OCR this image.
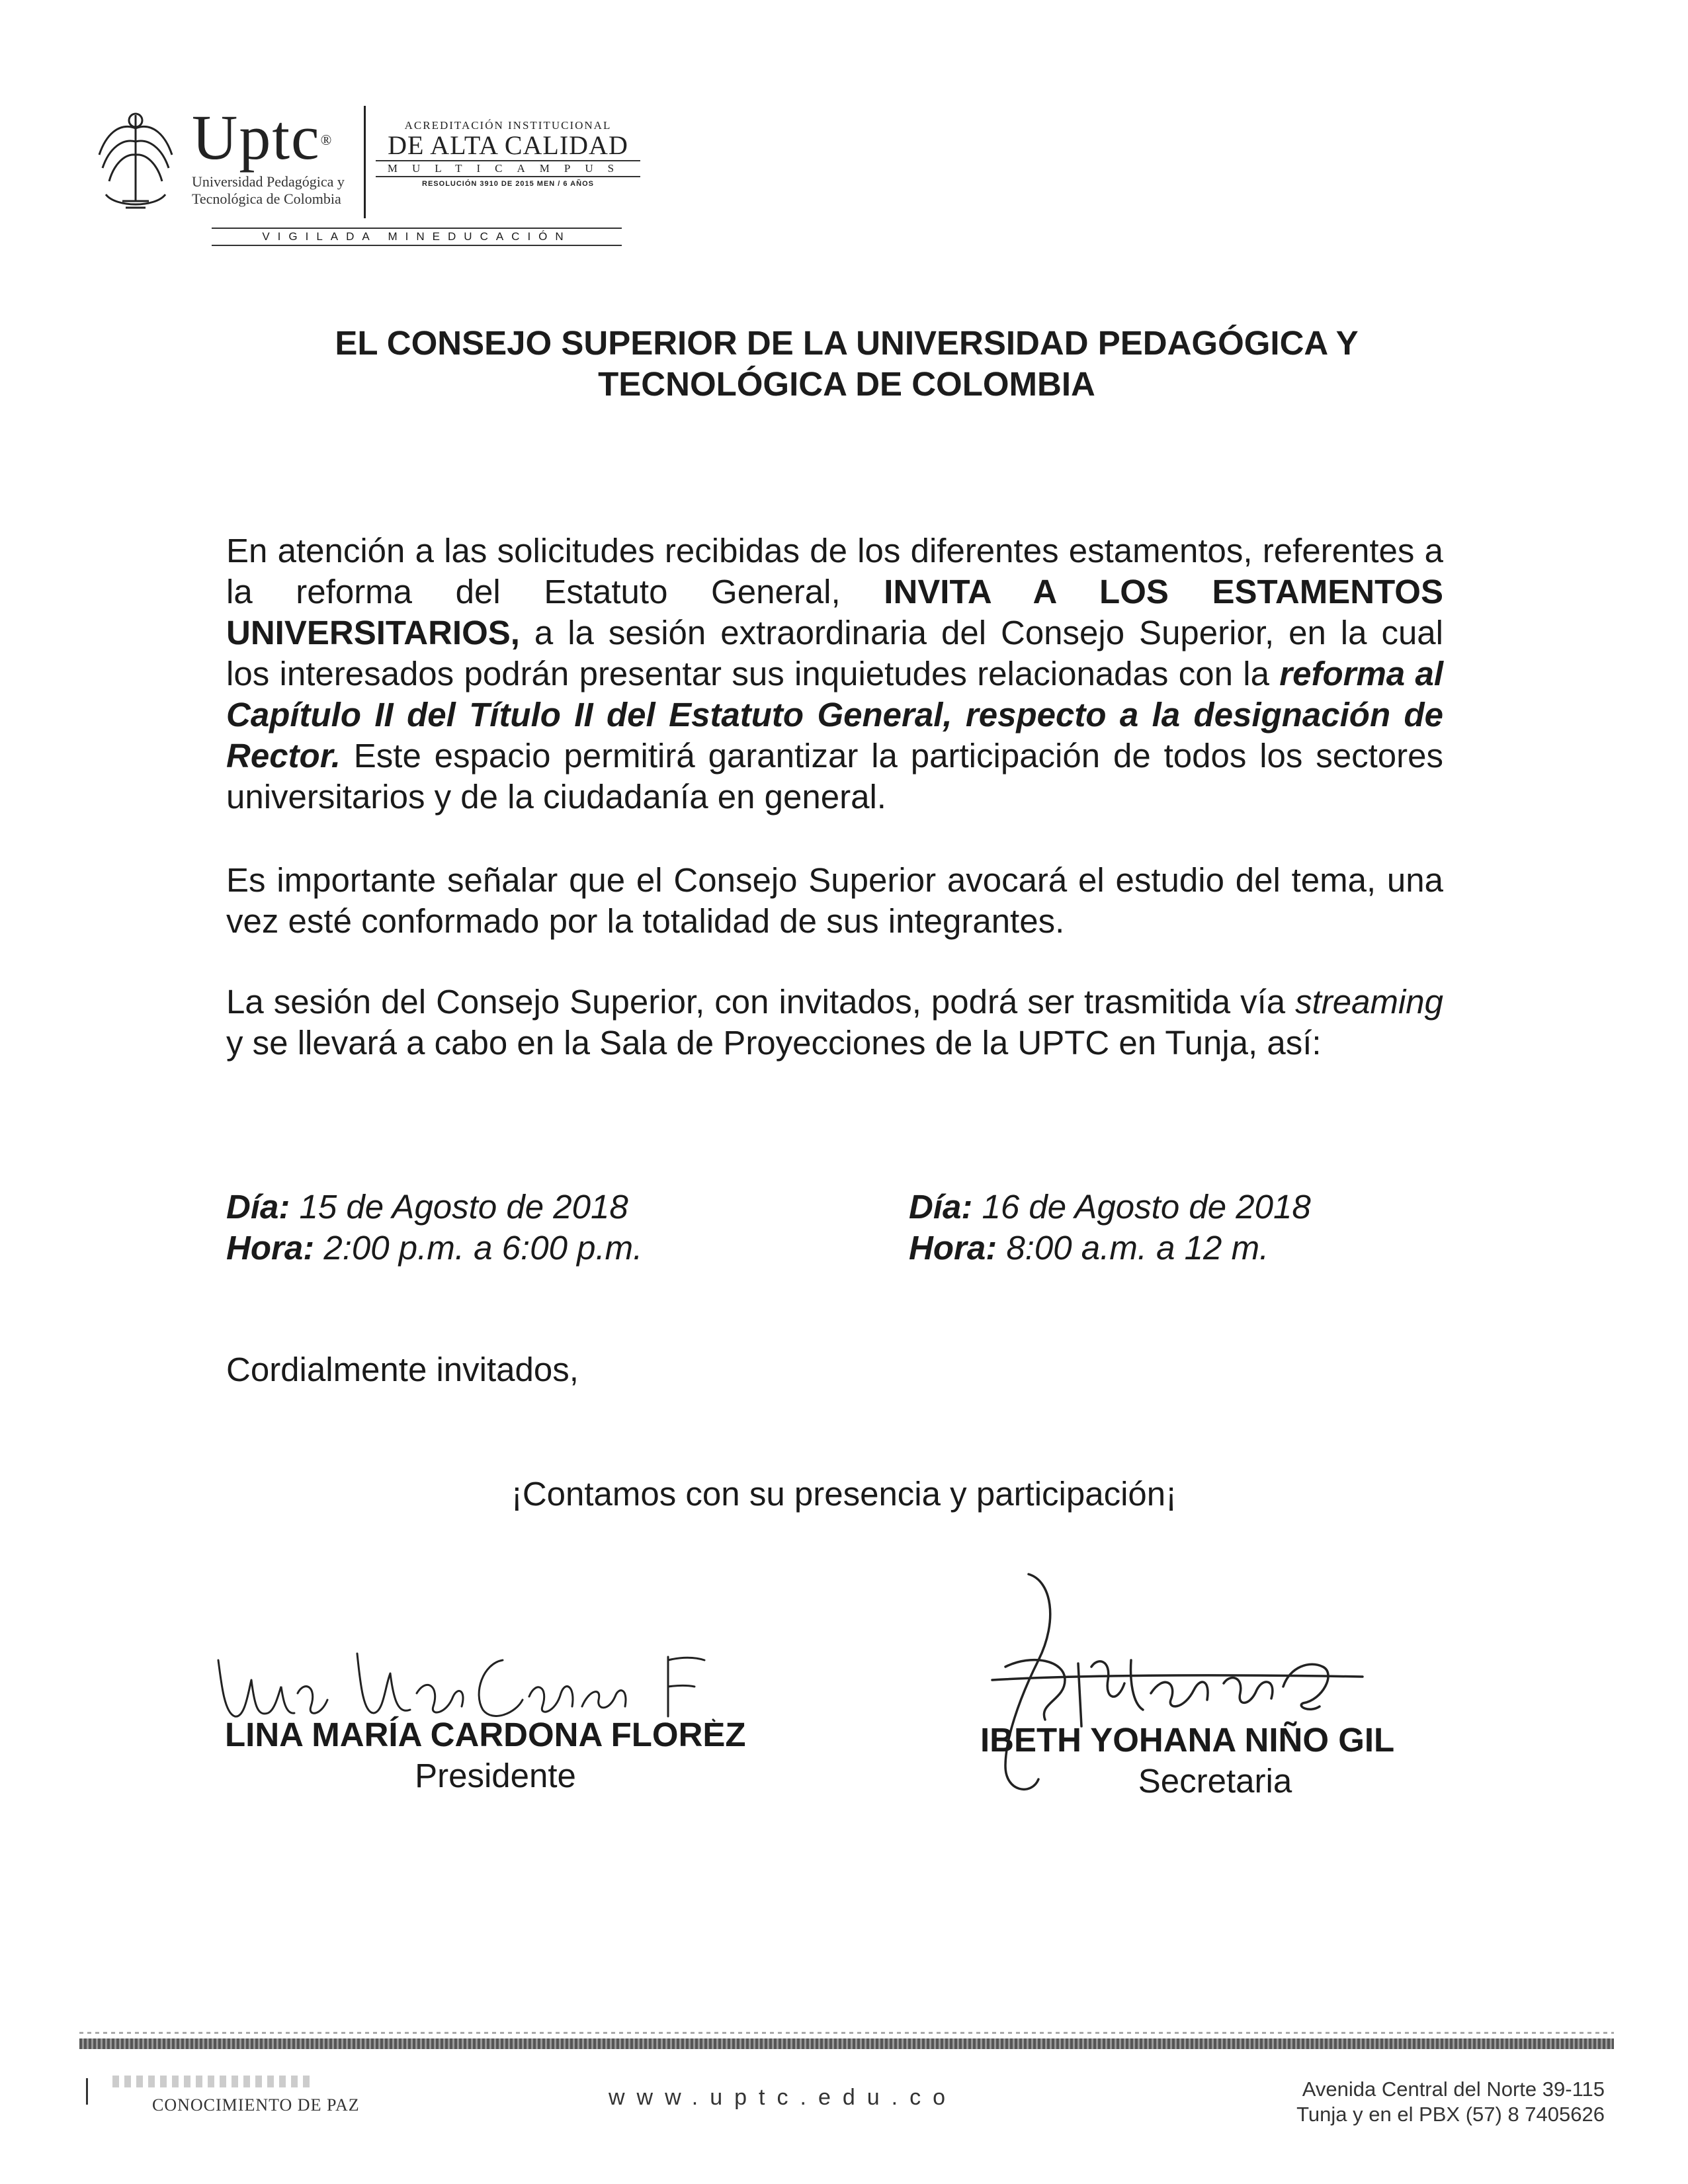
Uptc®
Universidad Pedagógica y
Tecnológica de Colombia
ACREDITACIÓN INSTITUCIONAL
DE ALTA CALIDAD
MULTICAMPUS
RESOLUCIÓN 3910 DE 2015 MEN / 6 AÑOS
VIGILADA MINEDUCACIÓN
EL CONSEJO SUPERIOR DE LA UNIVERSIDAD PEDAGÓGICA Y
TECNOLÓGICA DE COLOMBIA
En atención a las solicitudes recibidas de los diferentes estamentos, referentes a la reforma del Estatuto General, INVITA A LOS ESTAMENTOS UNIVERSITARIOS, a la sesión extraordinaria del Consejo Superior, en la cual los interesados podrán presentar sus inquietudes relacionadas con la reforma al Capítulo II del Título II del Estatuto General, respecto a la designación de Rector. Este espacio permitirá garantizar la participación de todos los sectores universitarios y de la ciudadanía en general.
Es importante señalar que el Consejo Superior avocará el estudio del tema, una vez esté conformado por la totalidad de sus integrantes.
La sesión del Consejo Superior, con invitados, podrá ser trasmitida vía streaming y se llevará a cabo en la Sala de Proyecciones de la UPTC en Tunja, así:
Día: 15 de Agosto de 2018
Hora: 2:00 p.m. a 6:00 p.m.
Día: 16 de Agosto de 2018
Hora: 8:00 a.m. a 12 m.
Cordialmente invitados,
¡Contamos con su presencia y participación¡
LINA MARÍA CARDONA FLOREZ
Presidente
IBETH YOHANA NIÑO GIL
Secretaria
CONOCIMIENTO DE PAZ	www.uptc.edu.co	Avenida Central del Norte 39-115
Tunja y en el PBX (57) 8 7405626
